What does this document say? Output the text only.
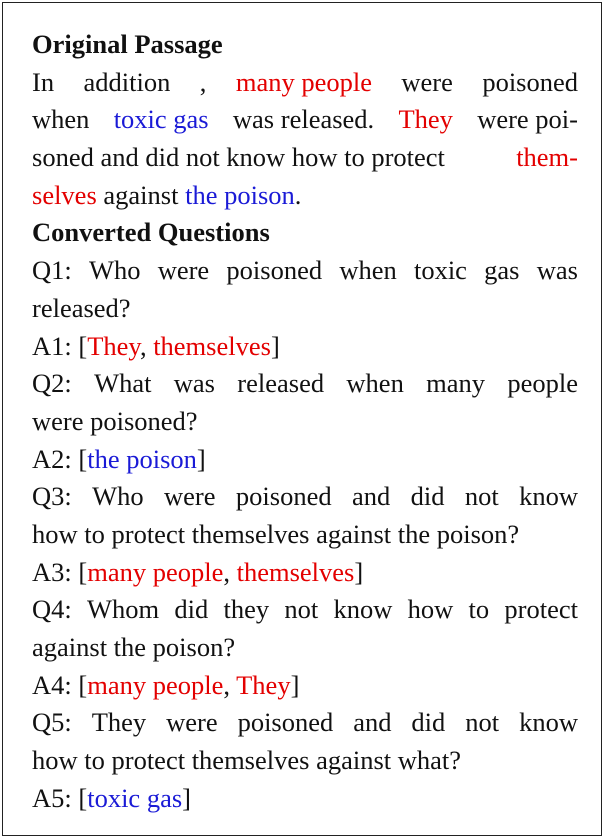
Original Passage
In addition , many people were poisoned
when toxic gas was released. They were poi-
soned and did not know how to protect	them-
selves against the poison.
Converted Questions
Q1: Who were poisoned when toxic gas was
released?
A1: [They, themselves]
Q2: What was released when many people
were poisoned?
A2: [the poison]
Q3: Who were poisoned and did not know
how to protect themselves against the poison?
A3: [many people, themselves]
Q4: Whom did they not know how to protect
against the poison?
A4: [many people, They]
Q5: They were poisoned and did not know
how to protect themselves against what?
A5: [toxic gas]
